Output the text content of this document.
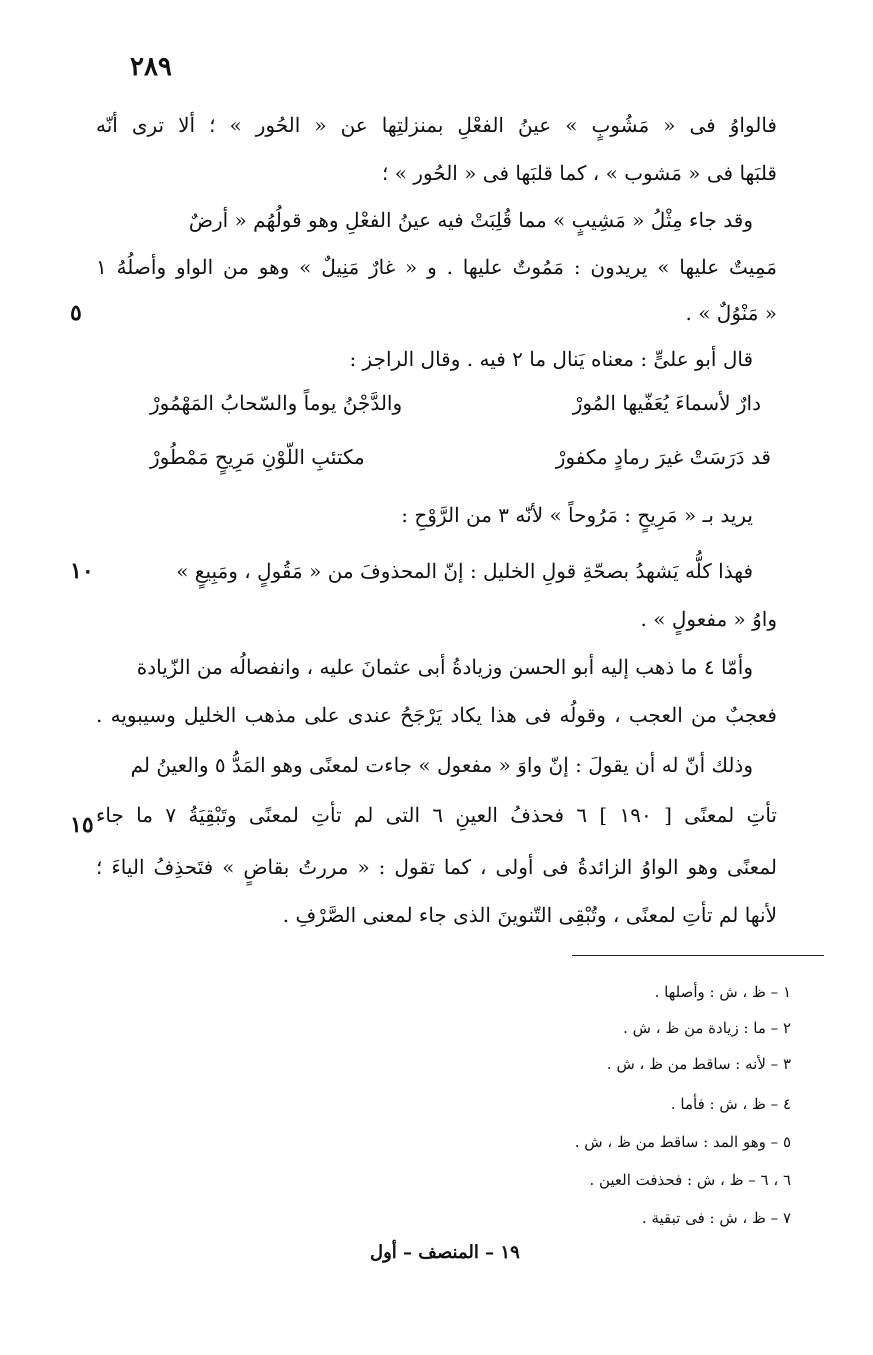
٢٨٩
فالواوُ فى « مَشُوبٍ » عينُ الفعْلِ بمنزلتِها عن « الحُور » ؛ ألا ترى أنّه
قلبَها فى « مَشوب » ، كما قلبَها فى « الحُور » ؛
وقد جاء مِثْلُ « مَشِيبٍ » مما قُلِبَتْ فيه عينُ الفعْلِ وهو قولُهُم « أرضٌ
مَمِيتٌ عليها » يريدون : مَمُوتٌ عليها . و « غارٌ مَنِيلٌ » وهو من الواو وأصلُهُ ١
« مَنْوُلٌ » .
٥
قال أبو علىٍّ : معناه يَنال ما ٢ فيه . وقال الراجز :
دارٌ لأسماءَ يُعَفّيها المُورْ
والدَّجْنُ يوماً والسّحابُ المَهْمُورْ
قد دَرَسَتْ غيرَ رمادٍ مكفورْ
مكتئبِ اللّوْنِ مَرِيحٍ مَمْطُورْ
يريد بـ « مَرِيحٍ : مَرُوحاً » لأنّه ٣ من الرَّوْحِ :
فهذا كلُّه يَشهدُ بصحّةِ قولِ الخليل : إنّ المحذوفَ من « مَقُولٍ ، ومَبِيعٍ »
١٠
واوُ « مفعولٍ » .
وأمّا ٤ ما ذهب إليه أبو الحسن وزيادةُ أبى عثمانَ عليه ، وانفصالُه من الزّيادة
فعجبٌ من العجب ، وقولُه فى هذا يكاد يَرْجَحُ عندى على مذهب الخليل وسيبويه .
وذلك أنّ له أن يقولَ : إنّ واوَ « مفعول » جاءت لمعنًى وهو المَدُّ ٥ والعينُ لم
تأتِ لمعنًى [ ١٩٠ ] ٦ فحذفُ العينِ ٦ التى لم تأتِ لمعنًى وتَبْقِيَةُ ٧ ما جاء
١٥
لمعنًى وهو الواوُ الزائدةُ فى أولى ، كما تقول : « مررتُ بقاضٍ » فتَحذِفُ الياءَ ؛
لأنها لم تأتِ لمعنًى ، وتُبْقِى التّنوينَ الذى جاء لمعنى الصَّرْفِ .
١ – ظ ، ش : وأصلها .
٢ – ما : زيادة من ظ ، ش .
٣ – لأنه : ساقط من ظ ، ش .
٤ – ظ ، ش : فأما .
٥ – وهو المد : ساقط من ظ ، ش .
٦ ، ٦ – ظ ، ش : فحذفت العين .
٧ – ظ ، ش : فى تبقية .
١٩ – المنصف – أول
